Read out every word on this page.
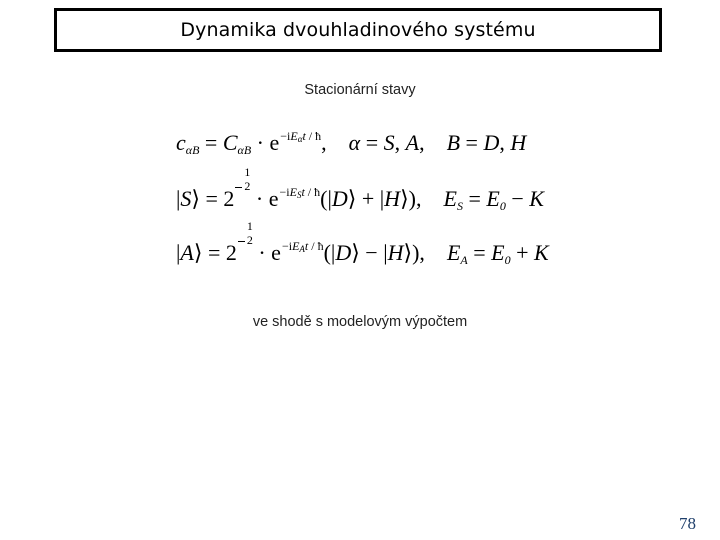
Dynamika dvouhladinového systému
Stacionární stavy
$c_{\alpha B} = C_{\alpha B} \cdot e^{-iE_\alpha t / ħ}$,    α = S, A,    B = D, H
|S⟩ = 2
1
$2 \cdot e^{-iE_St / ħ}(|D⟩$ + |H⟩),    $E_S = E_0 - K$
|A⟩ = 2
1
$2 \cdot e^{-iE_At / ħ}(|D⟩$ − |H⟩),    $E_A = E_0 + K$
ve shodě s modelovým výpočtem
78
